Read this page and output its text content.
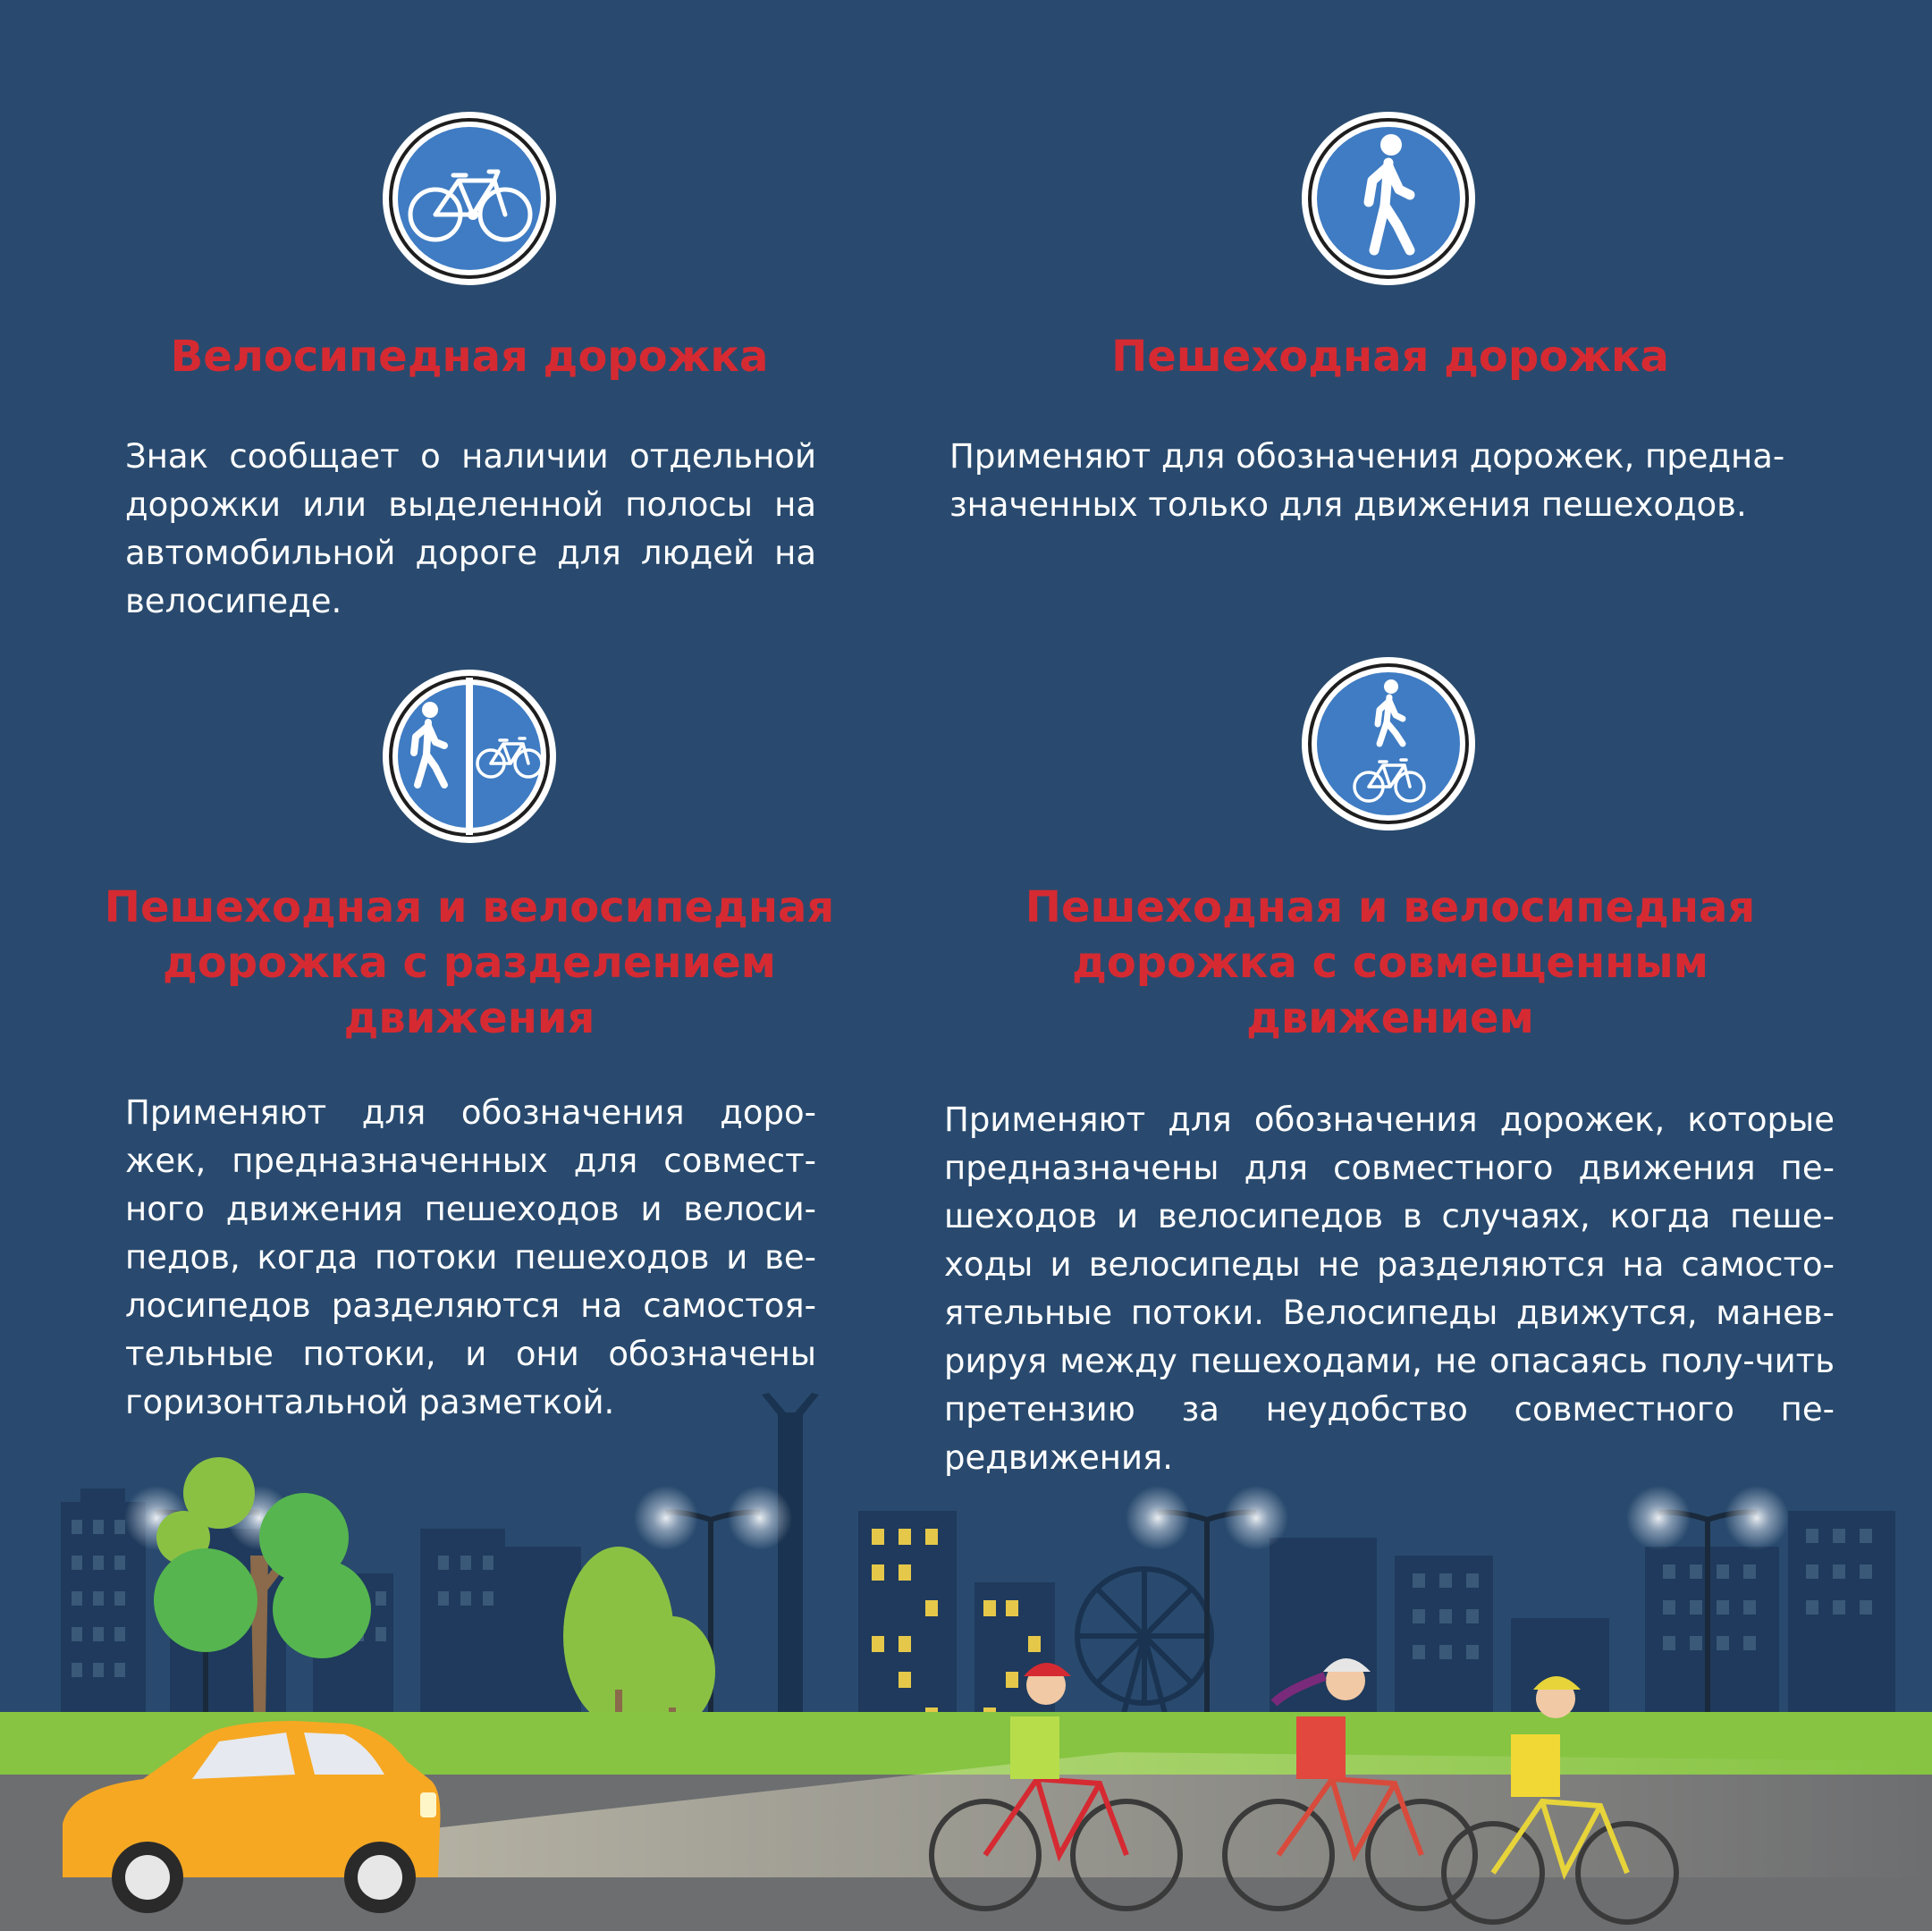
Велосипедная дорожка
Знак сообщает о наличии отдельной дорожки или выделенной полосы на автомобильной дороге для людей на велосипеде.
Пешеходная дорожка
Применяют для обозначения дорожек, предна-
значенных только для движения пешеходов.
Пешеходная и велосипедная дорожка с разделением движения
Применяют для обозначения доро-жек, предназначенных для совмест-ного движения пешеходов и велоси-педов, когда потоки пешеходов и ве-лосипедов разделяются на самостоя-тельные потоки, и они обозначены горизонтальной разметкой.
Пешеходная и велосипедная дорожка с совмещенным движением
Применяют для обозначения дорожек, которые предназначены для совместного движения пе-шеходов и велосипедов в случаях, когда пеше-ходы и велосипеды не разделяются на самосто-ятельные потоки. Велосипеды движутся, манев-рируя между пешеходами, не опасаясь полу-чить претензию за неудобство совместного пе-редвижения.
